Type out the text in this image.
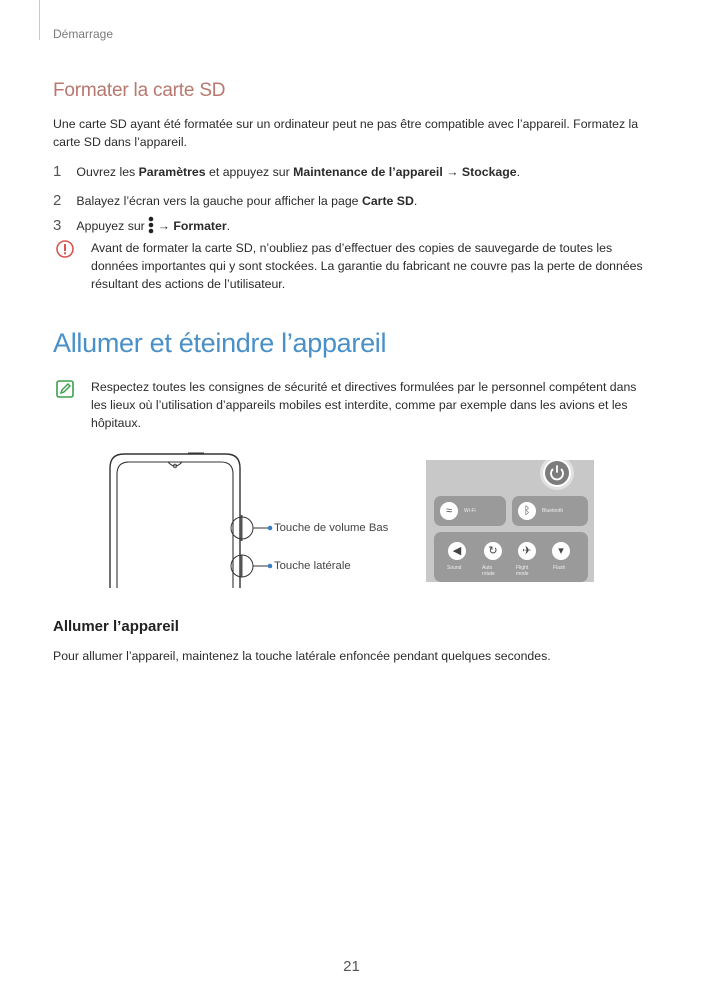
Démarrage
Formater la carte SD
Une carte SD ayant été formatée sur un ordinateur peut ne pas être compatible avec l’appareil. Formatez la carte SD dans l’appareil.
1 Ouvrez les Paramètres et appuyez sur Maintenance de l’appareil → Stockage.
2 Balayez l’écran vers la gauche pour afficher la page Carte SD.
3 Appuyez sur  → Formater.
Avant de formater la carte SD, n’oubliez pas d’effectuer des copies de sauvegarde de toutes les données importantes qui y sont stockées. La garantie du fabricant ne couvre pas la perte de données résultant des actions de l’utilisateur.
Allumer et éteindre l’appareil
Respectez toutes les consignes de sécurité et directives formulées par le personnel compétent dans les lieux où l’utilisation d’appareils mobiles est interdite, comme par exemple dans les avions et les hôpitaux.
Touche de volume Bas
Touche latérale
≈	Wi-Fi	ᛒ	Bluetooth
◀	↻	✈	▾
Sound	Auto rotate
Flight mode
Flash
Allumer l’appareil
Pour allumer l’appareil, maintenez la touche latérale enfoncée pendant quelques secondes.
21
